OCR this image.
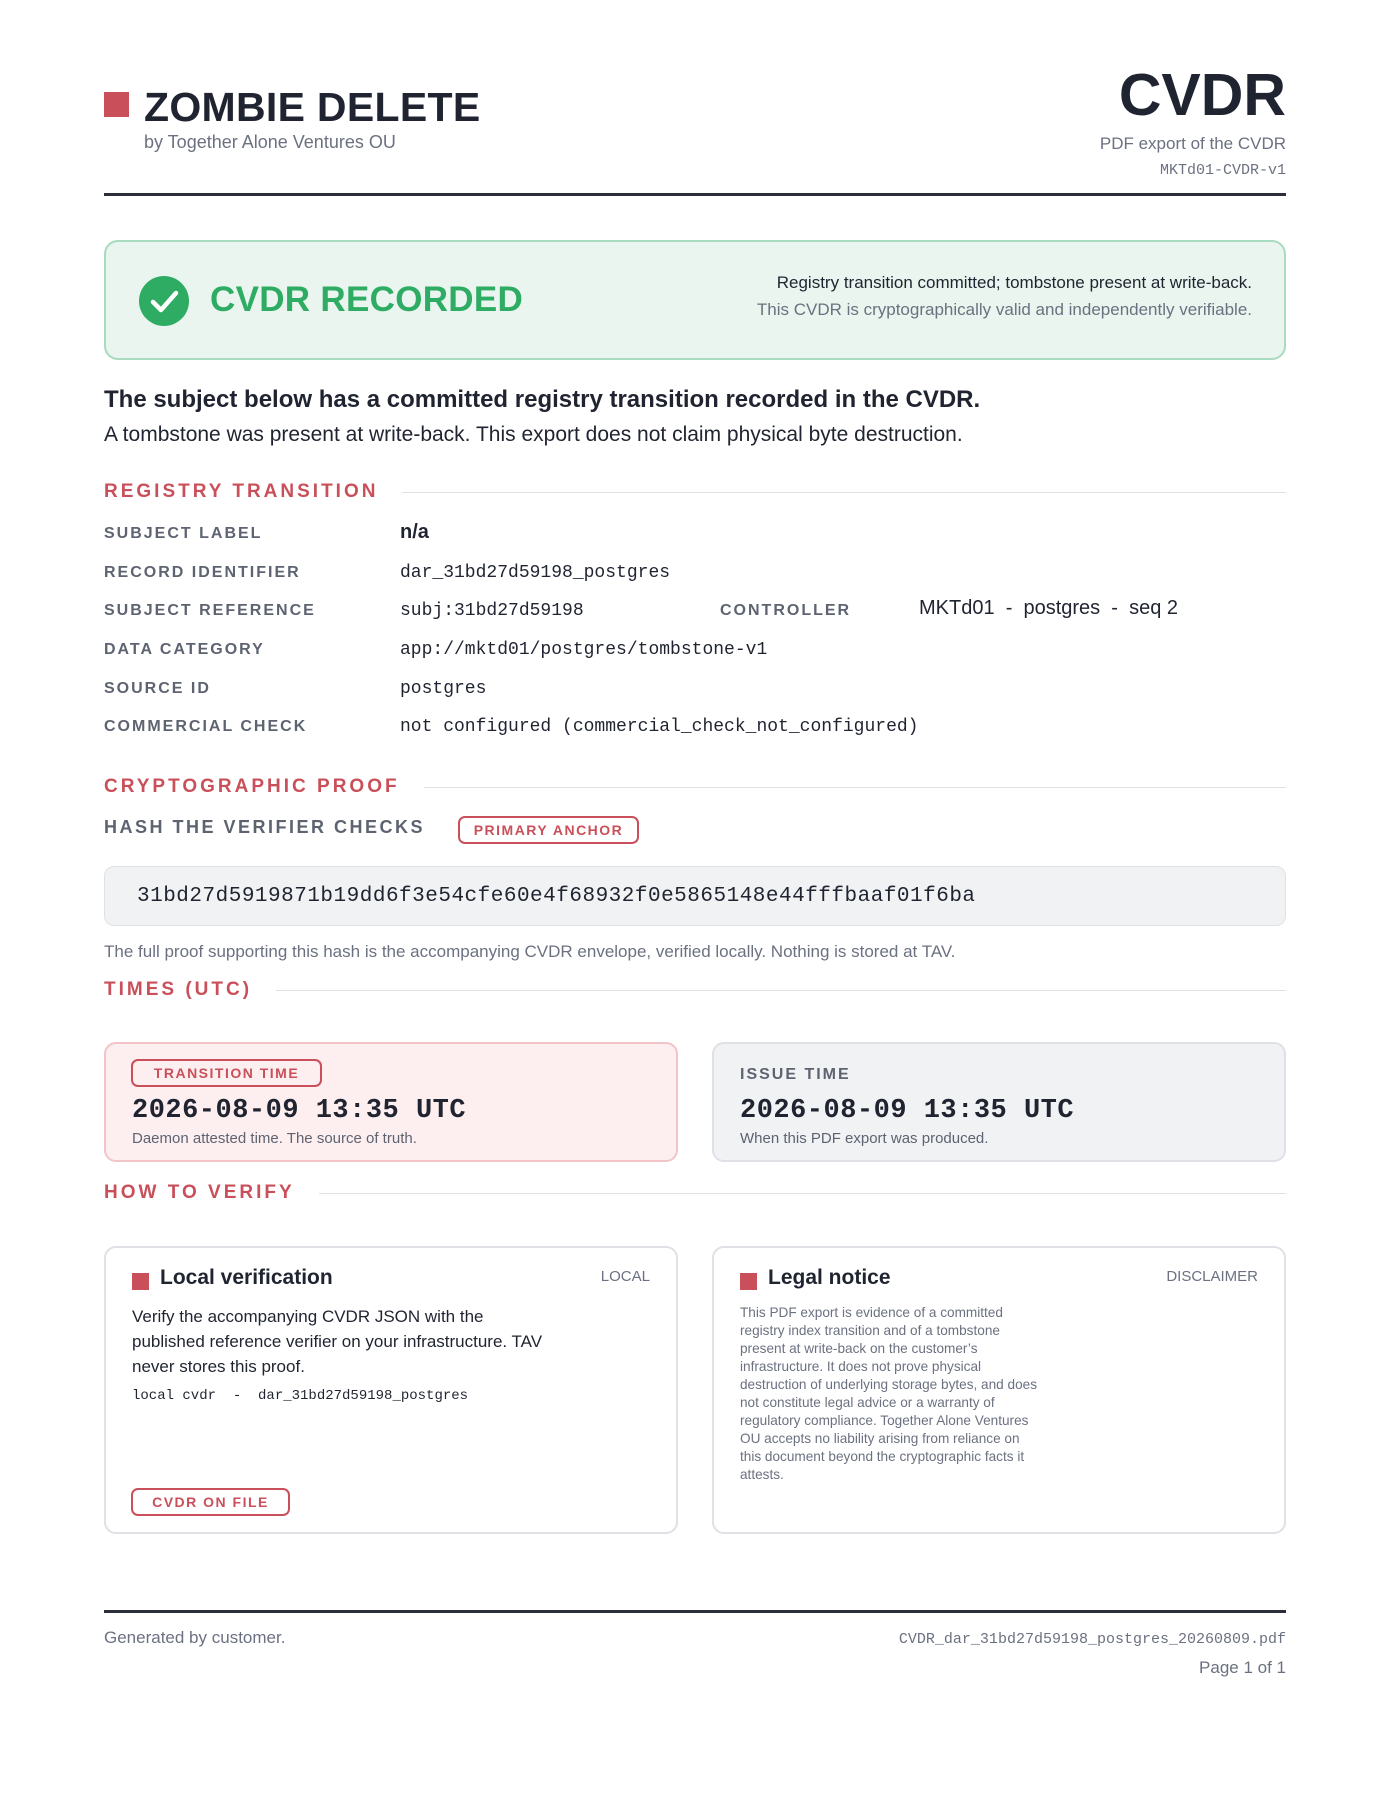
ZOMBIE DELETE
by Together Alone Ventures OU
CVDR
PDF export of the CVDR
MKTd01-CVDR-v1
CVDR RECORDED	Registry transition committed; tombstone present at write-back.
This CVDR is cryptographically valid and independently verifiable.
The subject below has a committed registry transition recorded in the CVDR.
A tombstone was present at write-back. This export does not claim physical byte destruction.
REGISTRY TRANSITION
SUBJECT LABEL	n/a
RECORD IDENTIFIER	dar_31bd27d59198_postgres
SUBJECT REFERENCE	subj:31bd27d59198	CONTROLLER	MKTd01  -  postgres  -  seq 2
DATA CATEGORY	app://mktd01/postgres/tombstone-v1
SOURCE ID	postgres
COMMERCIAL CHECK	not configured (commercial_check_not_configured)
CRYPTOGRAPHIC PROOF
HASH THE VERIFIER CHECKS	PRIMARY ANCHOR
31bd27d5919871b19dd6f3e54cfe60e4f68932f0e5865148e44fffbaaf01f6ba
The full proof supporting this hash is the accompanying CVDR envelope, verified locally. Nothing is stored at TAV.
TIMES (UTC)
TRANSITION TIME
2026-08-09 13:35 UTC
Daemon attested time. The source of truth.
ISSUE TIME
2026-08-09 13:35 UTC
When this PDF export was produced.
HOW TO VERIFY
Local verification	LOCAL
Verify the accompanying CVDR JSON with the published reference verifier on your infrastructure. TAV never stores this proof.
local cvdr  -  dar_31bd27d59198_postgres
CVDR ON FILE
Legal notice	DISCLAIMER
This PDF export is evidence of a committed registry index transition and of a tombstone present at write-back on the customer’s infrastructure. It does not prove physical destruction of underlying storage bytes, and does not constitute legal advice or a warranty of regulatory compliance. Together Alone Ventures OU accepts no liability arising from reliance on this document beyond the cryptographic facts it attests.
Generated by customer.	CVDR_dar_31bd27d59198_postgres_20260809.pdf
Page 1 of 1
